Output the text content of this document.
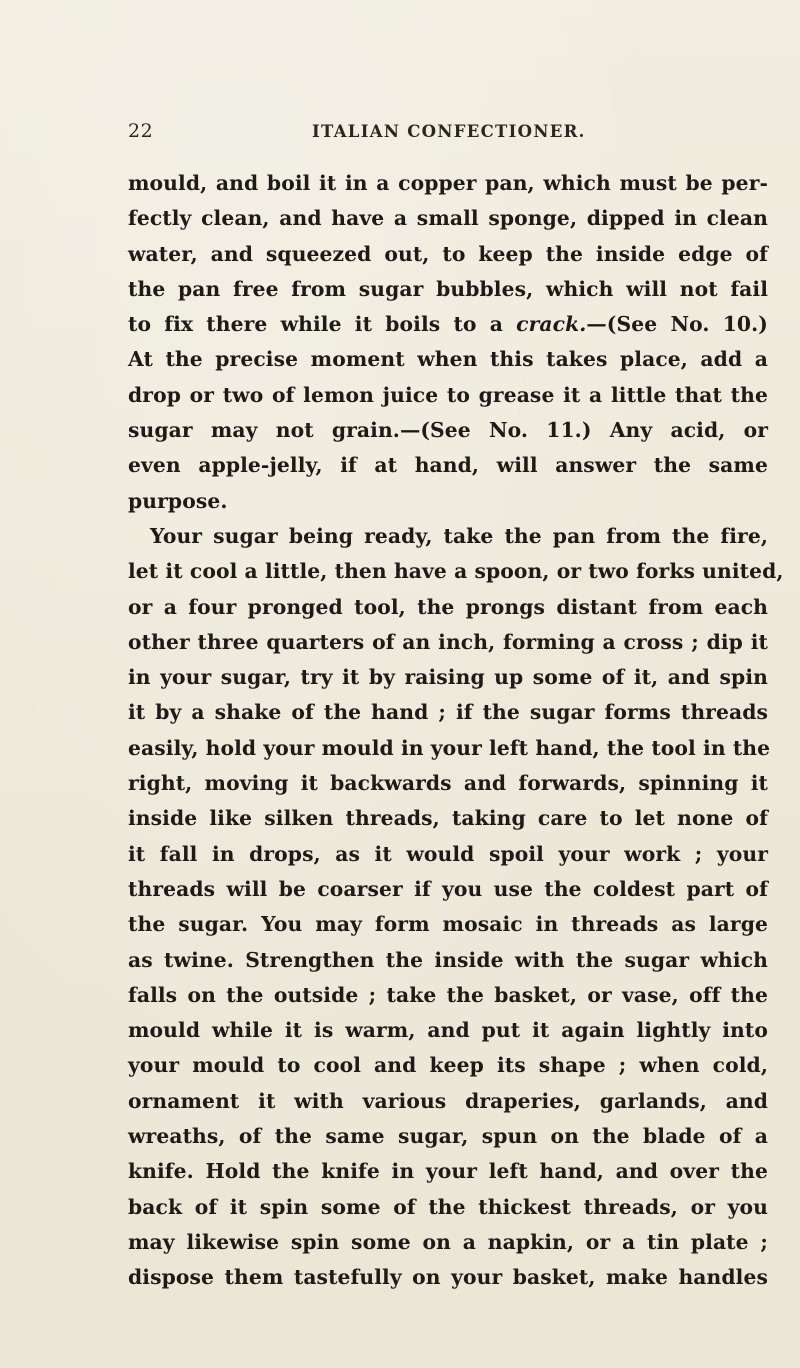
22	ITALIAN CONFECTIONER.
mould, and boil it in a copper pan, which must be per-
fectly clean, and have a small sponge, dipped in clean
water, and squeezed out, to keep the inside edge of
the pan free from sugar bubbles, which will not fail
to fix there while it boils to a crack.—(See No. 10.)
At the precise moment when this takes place, add a
drop or two of lemon juice to grease it a little that the
sugar may not grain.—(See No. 11.) Any acid, or
even apple-jelly, if at hand, will answer the same
purpose.
Your sugar being ready, take the pan from the fire,
let it cool a little, then have a spoon, or two forks united,
or a four pronged tool, the prongs distant from each
other three quarters of an inch, forming a cross ; dip it
in your sugar, try it by raising up some of it, and spin
it by a shake of the hand ; if the sugar forms threads
easily, hold your mould in your left hand, the tool in the
right, moving it backwards and forwards, spinning it
inside like silken threads, taking care to let none of
it fall in drops, as it would spoil your work ; your
threads will be coarser if you use the coldest part of
the sugar. You may form mosaic in threads as large
as twine. Strengthen the inside with the sugar which
falls on the outside ; take the basket, or vase, off the
mould while it is warm, and put it again lightly into
your mould to cool and keep its shape ; when cold,
ornament it with various draperies, garlands, and
wreaths, of the same sugar, spun on the blade of a
knife. Hold the knife in your left hand, and over the
back of it spin some of the thickest threads, or you
may likewise spin some on a napkin, or a tin plate ;
dispose them tastefully on your basket, make handles
